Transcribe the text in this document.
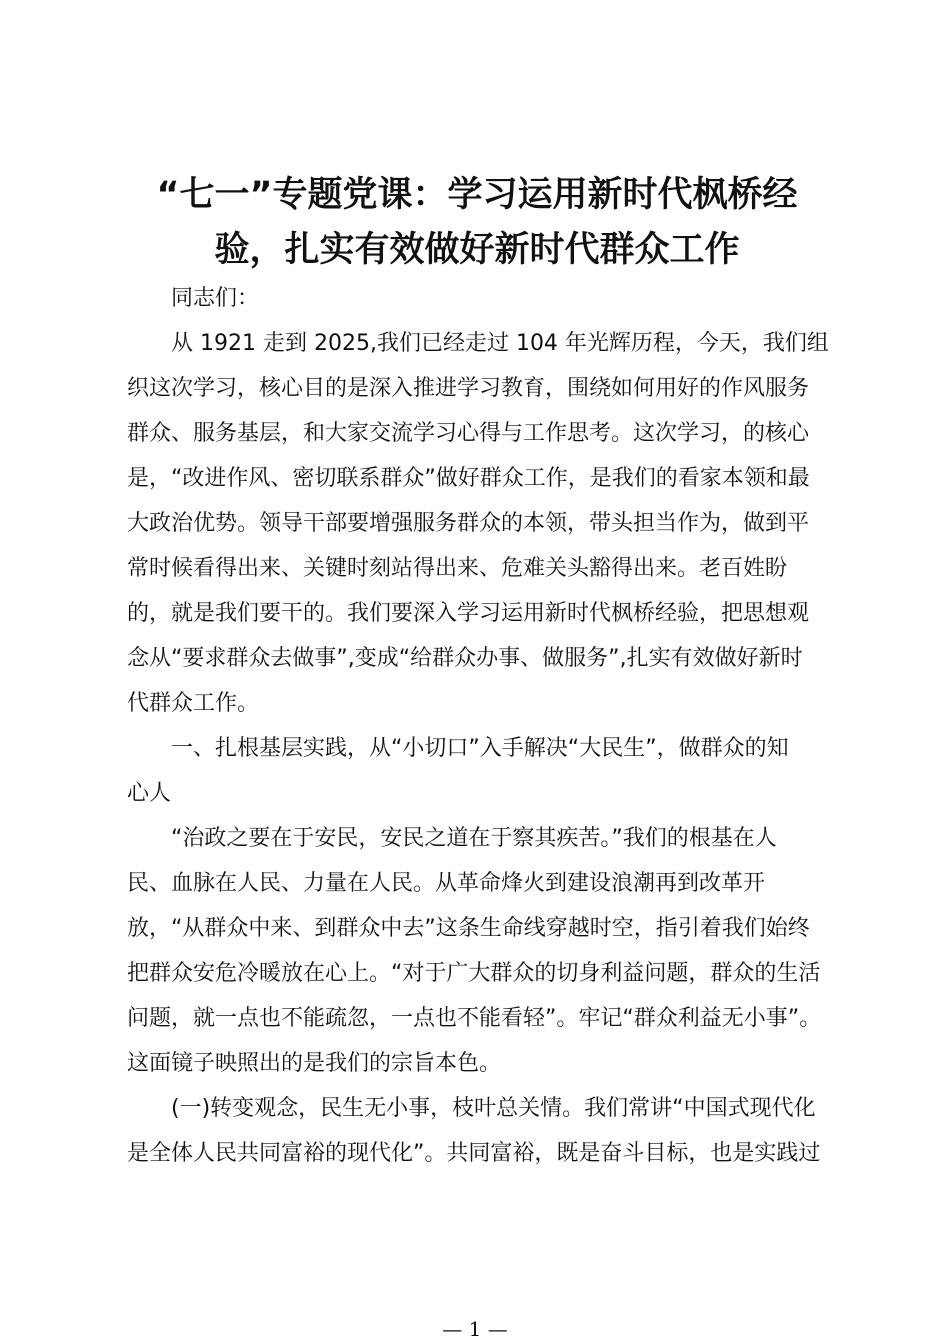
“七一”专题党课：学习运用新时代枫桥经
验，扎实有效做好新时代群众工作

同志们：

从 1921 走到 2025,我们已经走过 104 年光辉历程，今天，我们组

织这次学习，核心目的是深入推进学习教育，围绕如何用好的作风服务

群众、服务基层，和大家交流学习心得与工作思考。这次学习，的核心

是，“改进作风、密切联系群众”做好群众工作，是我们的看家本领和最

大政治优势。领导干部要增强服务群众的本领，带头担当作为，做到平

常时候看得出来、关键时刻站得出来、危难关头豁得出来。老百姓盼

的，就是我们要干的。我们要深入学习运用新时代枫桥经验，把思想观

念从“要求群众去做事”,变成“给群众办事、做服务”,扎实有效做好新时

代群众工作。

一、扎根基层实践，从“小切口”入手解决“大民生”，做群众的知

心人

“治政之要在于安民，安民之道在于察其疾苦。”我们的根基在人

民、血脉在人民、力量在人民。从革命烽火到建设浪潮再到改革开

放，“从群众中来、到群众中去”这条生命线穿越时空，指引着我们始终

把群众安危冷暖放在心上。“对于广大群众的切身利益问题，群众的生活

问题，就一点也不能疏忽，一点也不能看轻”。牢记“群众利益无小事”。

这面镜子映照出的是我们的宗旨本色。

(一)转变观念，民生无小事，枝叶总关情。我们常讲“中国式现代化

是全体人民共同富裕的现代化”。共同富裕，既是奋斗目标，也是实践过

— 1 —
